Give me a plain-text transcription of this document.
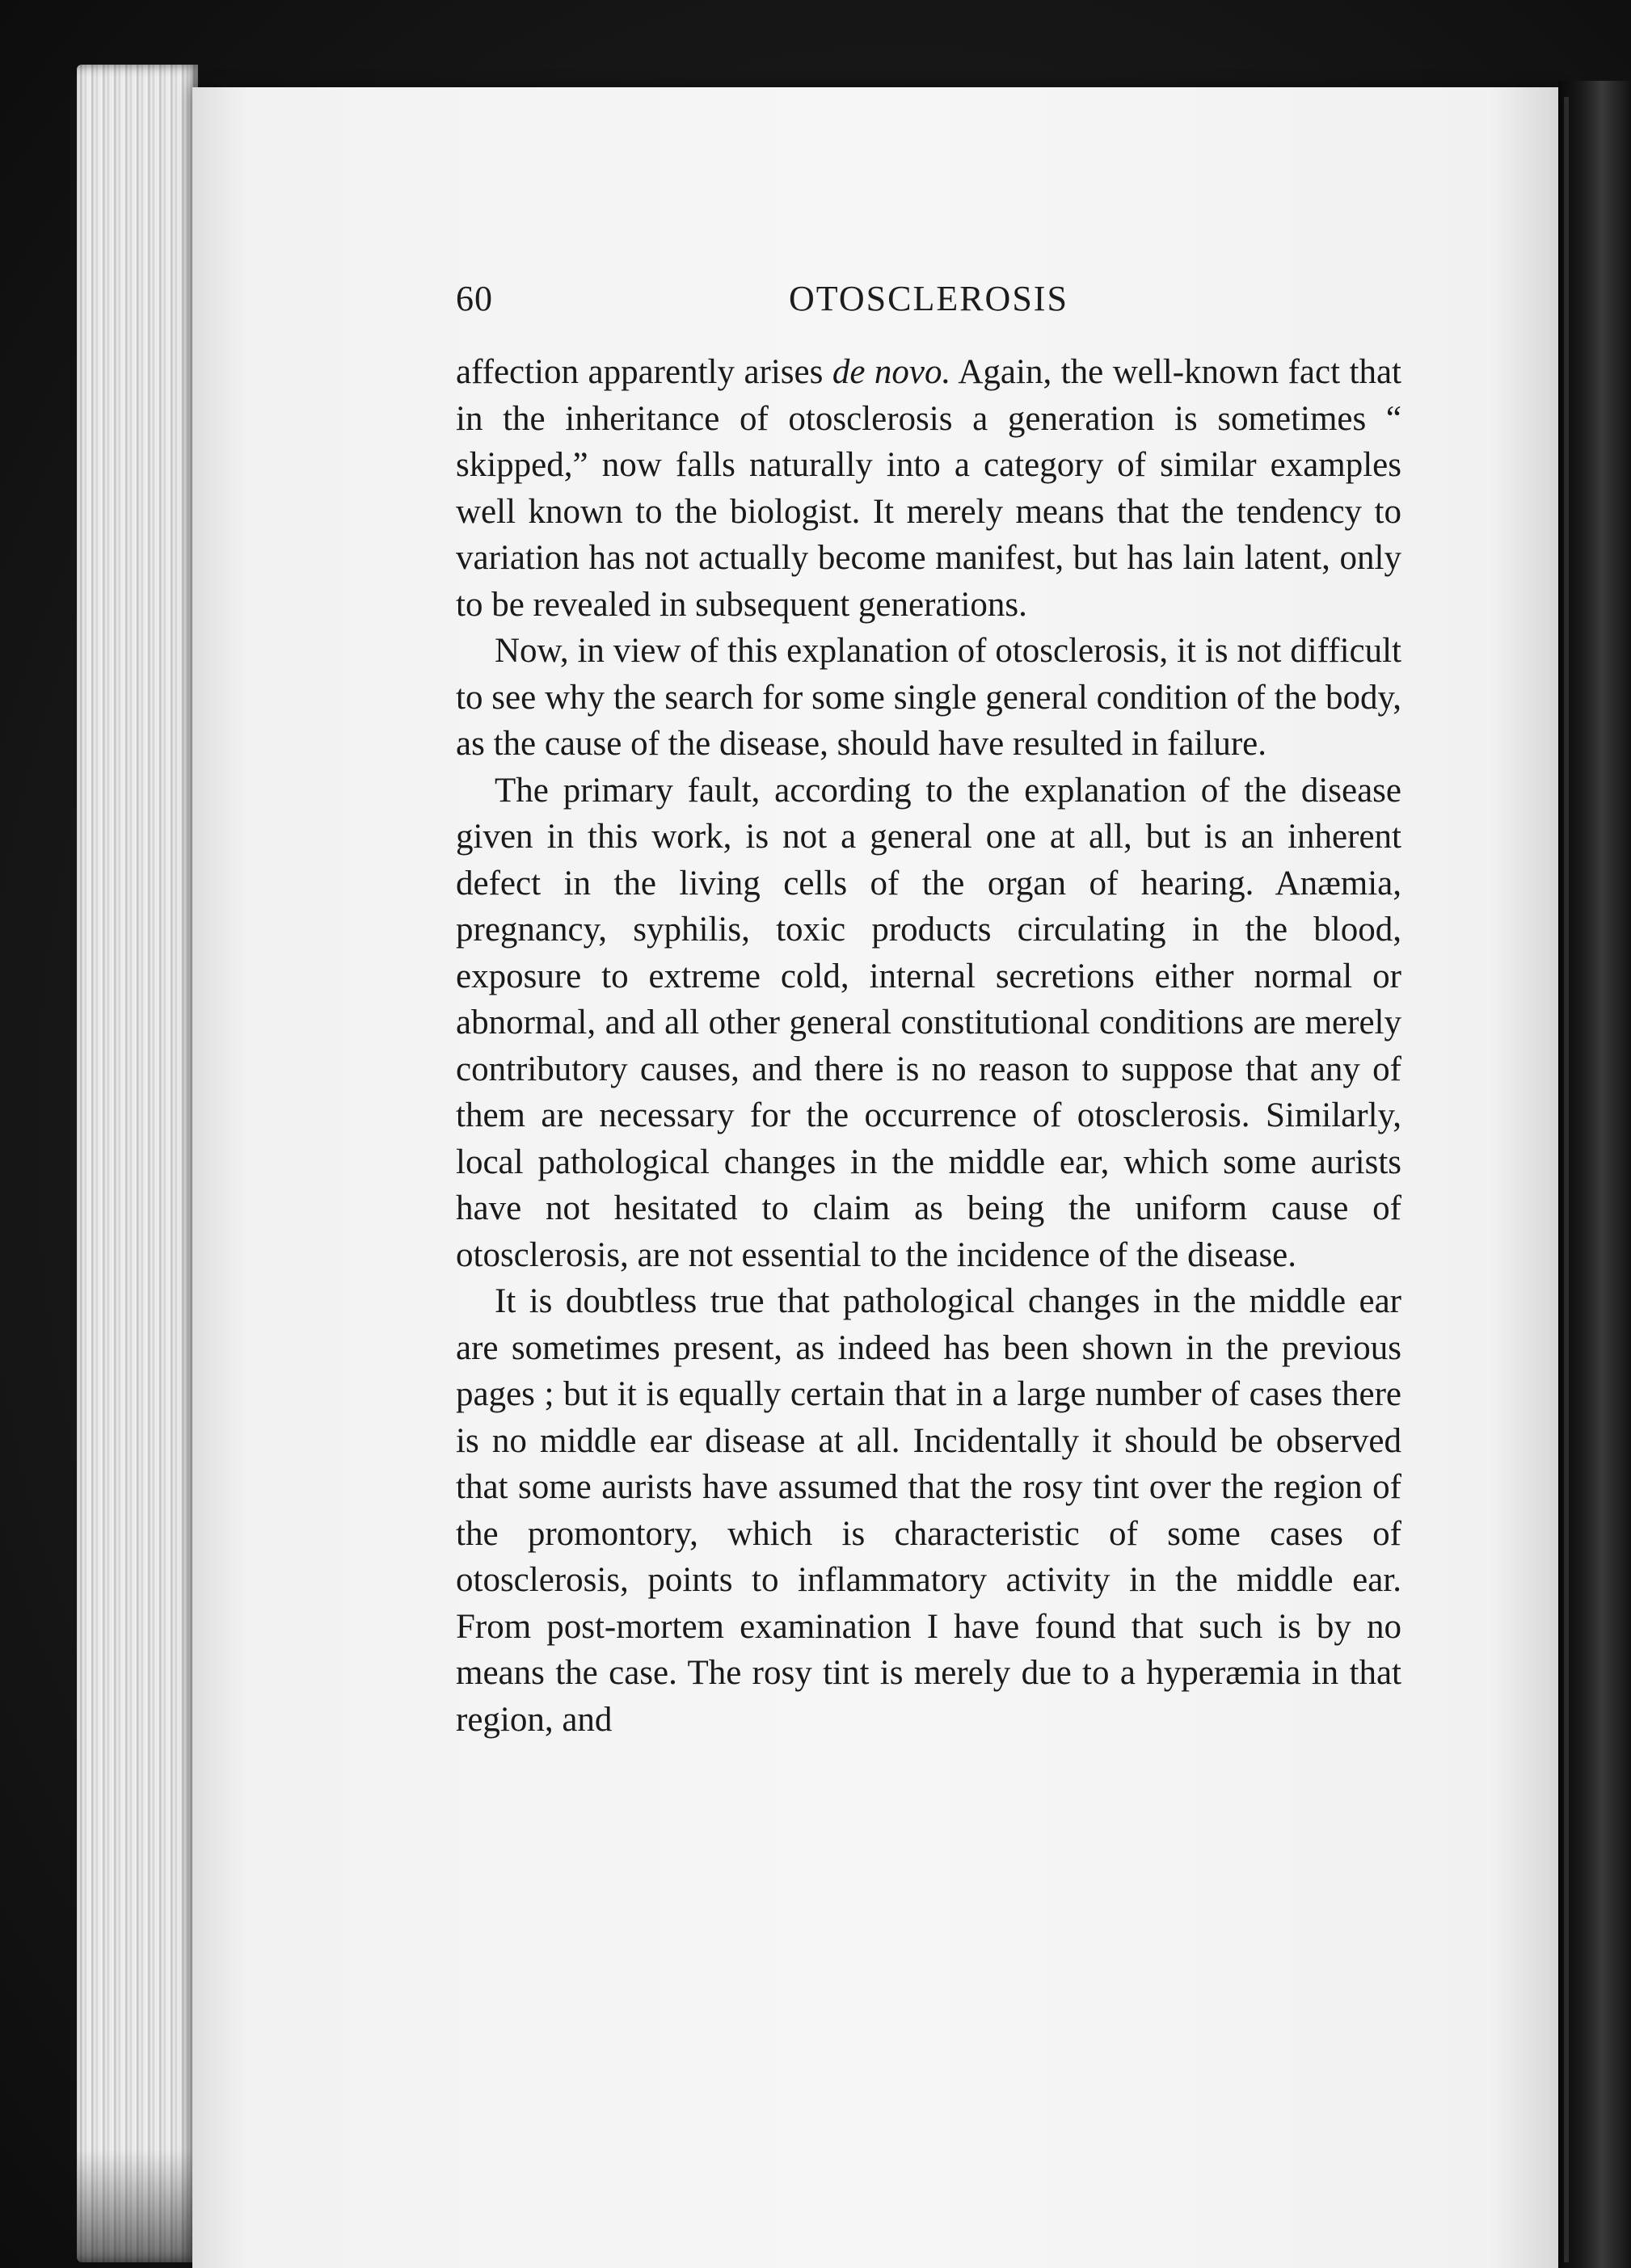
60	OTOSCLEROSIS

affection apparently arises de novo. Again, the well-known fact that in the inheritance of otosclerosis a generation is sometimes “ skipped,” now falls naturally into a category of similar examples well known to the biologist. It merely means that the tendency to variation has not actually become manifest, but has lain latent, only to be revealed in subsequent generations.

Now, in view of this explanation of otosclerosis, it is not difficult to see why the search for some single general condition of the body, as the cause of the disease, should have resulted in failure.

The primary fault, according to the explanation of the disease given in this work, is not a general one at all, but is an inherent defect in the living cells of the organ of hearing. Anæmia, pregnancy, syphilis, toxic products circulating in the blood, exposure to extreme cold, internal secretions either normal or abnormal, and all other general constitutional conditions are merely contributory causes, and there is no reason to suppose that any of them are necessary for the occurrence of otosclerosis. Similarly, local pathological changes in the middle ear, which some aurists have not hesitated to claim as being the uniform cause of otosclerosis, are not essential to the incidence of the disease.

It is doubtless true that pathological changes in the middle ear are sometimes present, as indeed has been shown in the previous pages ; but it is equally certain that in a large number of cases there is no middle ear disease at all. Incidentally it should be observed that some aurists have assumed that the rosy tint over the region of the promontory, which is characteristic of some cases of otosclerosis, points to inflammatory activity in the middle ear. From post-mortem examination I have found that such is by no means the case. The rosy tint is merely due to a hyperæmia in that region, and
